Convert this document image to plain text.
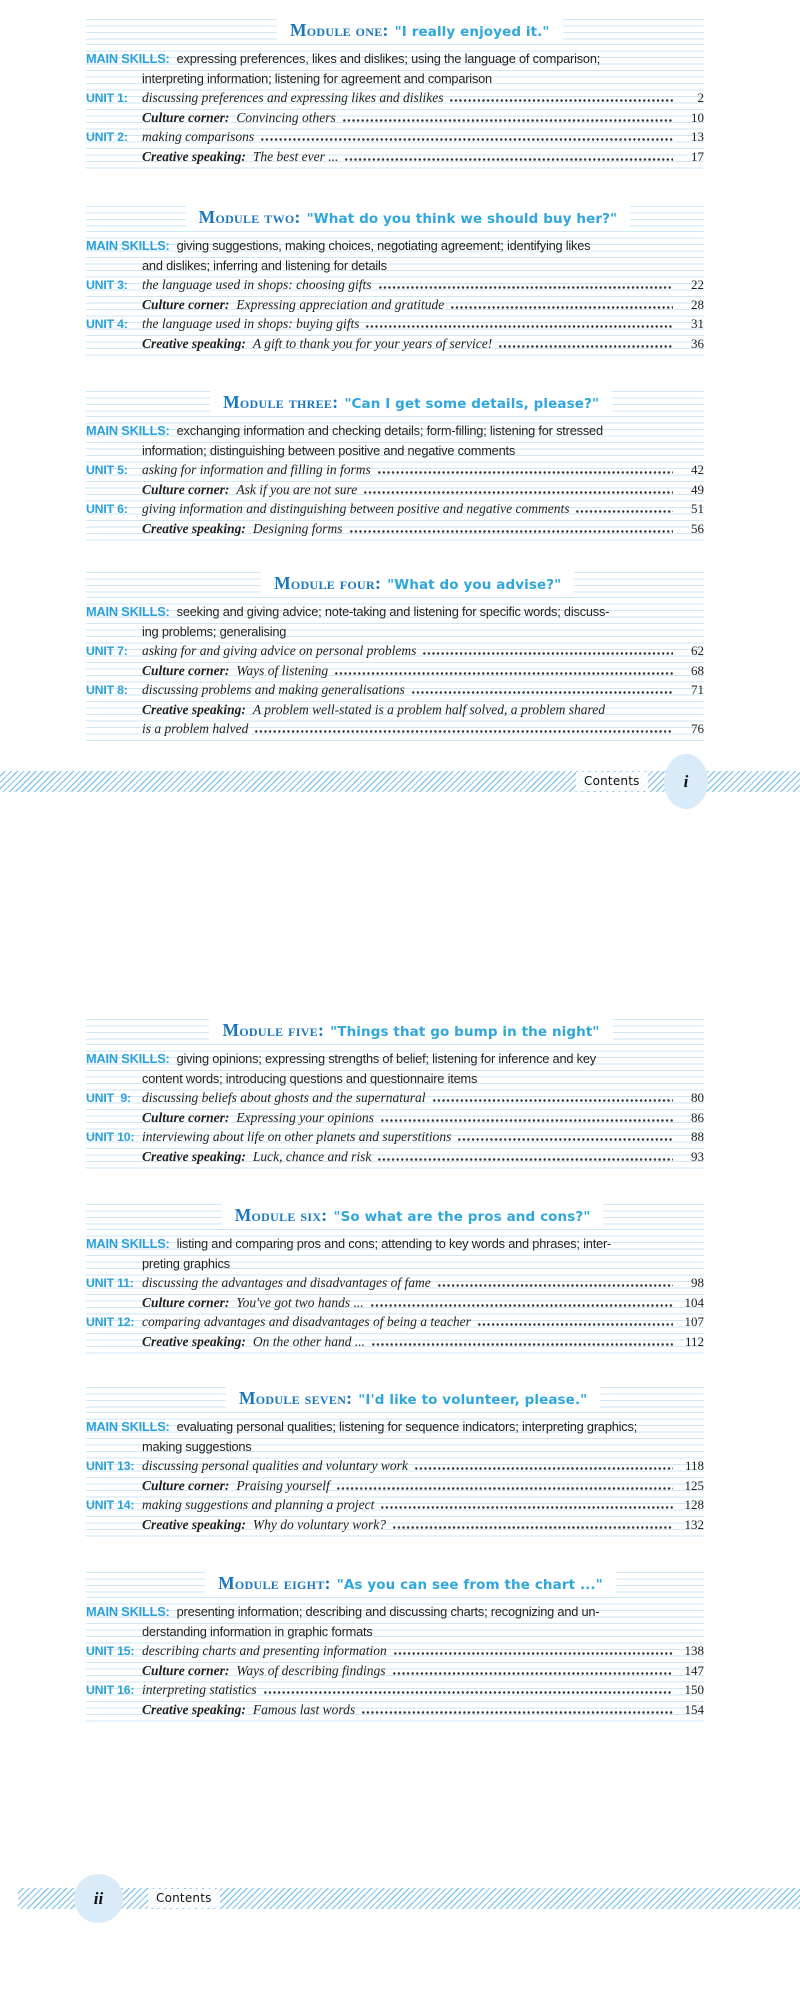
Module one: "I really enjoyed it."
MAIN SKILLS: expressing preferences, likes and dislikes; using the language of comparison;
interpreting information; listening for agreement and comparison
UNIT 1:	discussing preferences and expressing likes and dislikes	2
Culture corner: Convincing others	10
UNIT 2:	making comparisons	13
Creative speaking: The best ever ...	17
Module two: "What do you think we should buy her?"
MAIN SKILLS: giving suggestions, making choices, negotiating agreement; identifying likes
and dislikes; inferring and listening for details
UNIT 3:	the language used in shops: choosing gifts	22
Culture corner: Expressing appreciation and gratitude	28
UNIT 4:	the language used in shops: buying gifts	31
Creative speaking: A gift to thank you for your years of service!	36
Module three: "Can I get some details, please?"
MAIN SKILLS: exchanging information and checking details; form-filling; listening for stressed
information; distinguishing between positive and negative comments
UNIT 5:	asking for information and filling in forms	42
Culture corner: Ask if you are not sure	49
UNIT 6:	giving information and distinguishing between positive and negative comments	51
Creative speaking: Designing forms	56
Module four: "What do you advise?"
MAIN SKILLS: seeking and giving advice; note-taking and listening for specific words; discuss-
ing problems; generalising
UNIT 7:	asking for and giving advice on personal problems	62
Culture corner: Ways of listening	68
UNIT 8:	discussing problems and making generalisations	71
Creative speaking: A problem well-stated is a problem half solved, a problem shared
is a problem halved	76
Module five: "Things that go bump in the night"
MAIN SKILLS: giving opinions; expressing strengths of belief; listening for inference and key
content words; introducing questions and questionnaire items
UNIT  9: discussing beliefs about ghosts and the supernatural	80
Culture corner: Expressing your opinions	86
UNIT 10: interviewing about life on other planets and superstitions	88
Creative speaking: Luck, chance and risk	93
Module six: "So what are the pros and cons?"
MAIN SKILLS: listing and comparing pros and cons; attending to key words and phrases; inter-
preting graphics
UNIT 11: discussing the advantages and disadvantages of fame	98
Culture corner: You've got two hands ...	104
UNIT 12: comparing advantages and disadvantages of being a teacher	107
Creative speaking: On the other hand ...	112
Module seven: "I'd like to volunteer, please."
MAIN SKILLS: evaluating personal qualities; listening for sequence indicators; interpreting graphics;
making suggestions
UNIT 13: discussing personal qualities and voluntary work	118
Culture corner: Praising yourself	125
UNIT 14: making suggestions and planning a project	128
Creative speaking: Why do voluntary work?	132
Module eight: "As you can see from the chart ..."
MAIN SKILLS: presenting information; describing and discussing charts; recognizing and un-
derstanding information in graphic formats
UNIT 15: describing charts and presenting information	138
Culture corner: Ways of describing findings	147
UNIT 16: interpreting statistics	150
Creative speaking: Famous last words	154
Contents	i
ii	Contents
